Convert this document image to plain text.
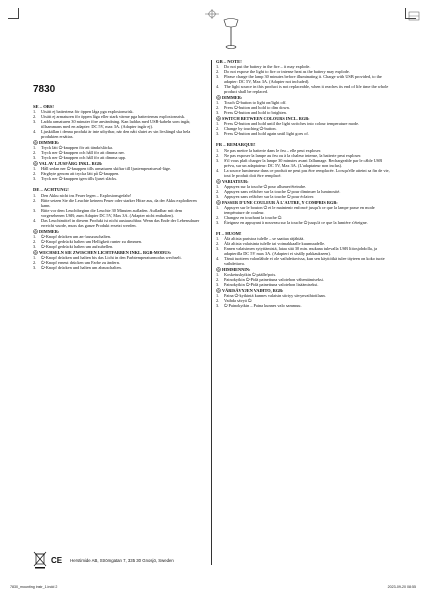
7830
SE – OBS!
1.	Utsätt ej batteriena för öppen låga pga explosionsrisk.
2.	Utsätt ej armaturen för öppen låga eller stark värme pga batteriernas explosionsrisk.
3.	Ladda armaturen 30 minuter före användning. Kan laddas med USB-kabeln som ingår, tillsammans med en adapter: DC 5V, max 3A. (Adapter ingår ej).
4.	Ljuskällan i denna produkt är inte utbytbar, när den nått slutet av sin livslängd ska hela produkten ersättas.
DIMMER:
1.	Tryck lätt ⏻-knappen för att tända/släcka.
2.	Tryck ner ⏻-knappen och håll för att dimma ner.
3.	Tryck ner ⏻-knappen och håll för att dimma upp.
VAL AV LJUSFÄRG INKL. RGB:
1.	Håll sedan ner ⏻-knappen tills armaturen skiftar till ljustemperaturval-läge.
2.	Färgbyte genom att trycka lätt på ⏻-knappen.
3.	Tryck ner ⏻-knappen igen tills ljuset släcks.
DE – ACHTUNG!
1.	Den Akku nicht ins Feuer legen – Explosionsgefahr!
2.	Bitte setzen Sie die Leuchte keinem Feuer oder starker Hitze aus, da der Akku explodieren kann.
3.	Bitte vor dem Leuchtbeginn die Leuchte 30 Minuten aufladen. Aufladbar mit dem vorgesehenen USB; zum Adapter DC 5V, Max 3A. (Adapter nicht enthalten).
4.	Das Leuchtmittel in diesem Produkt ist nicht austauschbar. Wenn das Ende der Lebensdauer erreicht wurde, muss das ganze Produkt ersetzt werden.
DIMMER:
1.	⏻-Knopf drücken um an-/auszuschalten.
2.	⏻-Knopf gedrückt halten um Helligkeit runter zu dimmen.
3.	⏻-Knopf gedrückt halten um aufzuhellen.
WECHSELN SIE ZWISCHEN LICHTFARBEN INKL. RGB-MODUS:
1.	⏻-Knopf drücken und halten bis das Licht in den Farbtemperaturmodus wechselt.
2.	⏻-Knopf erneut drücken um Farbe zu ändern.
3.	⏻-Knopf drücken und halten um abzuschalten.
GB – NOTE!
1.	Do not put the battery in the fire – it may explode.
2.	Do not expose the light to fire or intense heat as the battery may explode.
3.	Please charge the lamp 30 minutes before illuminating it. Charge with USB provided, to the adapter: DC 5V, Max 3A. (Adapter not included).
4.	The light source in this product is not replaceable, when it reaches its end of life time the whole product shall be replaced.
DIMMER:
1.	Touch ⏻-button to light on/light off.
2.	Press ⏻-button and hold to dim down.
3.	Press ⏻-button and hold to brighten.
SWITCH BETWEEN COLOURS INCL. RGB:
1.	Press ⏻-button and hold until the light switches into colour temperature mode.
2.	Change by touching ⏻-button.
3.	Press ⏻-button and hold again until light goes of.
FR – REMARQUE!
1.	Ne pas mettre la batterie dans le feu – elle peut exploser.
2.	Ne pas exposer la lampe au feu ou à la chaleur intense, la batterie peut exploser.
3.	S'il vous plaît charger la lampe 30 minutes avant l'allumage. Rechargeable par le câble USB prévu, sur un adaptateur: DC 5V, Max 3A. (L'adaptateur non inclus).
4.	La source lumineuse dans ce produit ne peut pas être remplacée. Lorsqu'elle atteint sa fin de vie, tout le produit doit être remplacé.
VARIATEUR:
1.	Appuyez sur la touche ⏻ pour allumer/éteindre.
2.	Appuyez sans relâcher sur la touche ⏻ pour diminuer la luminosité.
3.	Appuyez sans relâcher sur la touche ⏻ pour éclairer.
PASSER D'UNE COULEUR À L'AUTRE, Y COMPRIS RGB:
1.	Appuyer sur le bouton ⏻ et le maintenir enfoncé jusqu'à ce que la lampe passe en mode température de couleur.
2.	Changez en touchant la touche ⏻.
3.	Éteignez en appuyant à nouveau sur la touche ⏻ jusqu'à ce que la lumière s'éteigne.
FI – HUOM!
1.	Älä altista paristoa tulelle – se saattaa räjähtää.
2.	Älä altista valaisinta tulelle tai voimakkaalle kuumuudelle.
3.	Ennen valaisimen sytyttämistä, lataa sitä 30 min. mukana tulevalla USB liitosjohdolla, ja adapterilla DC 5V max 3A. (Adapteri ei sisälly pakkaukseen).
4.	Tämä tuotteen valonlähde ei ole vaihdettavissa, kun sen käyttöikä tulee täyteen on koko tuote vaihdettava.
HIMMENNIN:
1.	Kosketuskytkin ⏻ päälle/pois.
2.	Painokytkin ⏻-Pidä painettuna valotehon vähentämiseksi.
3.	Painokytkin ⏻-Pidä painettuna valotehon lisäämiseksi.
VÄRISÄVYJEN VAIHTO, RGB:
1.	Paina ⏻-kytkintä kunnes valaisin siirtyy sävynvaihtotilaan.
2.	Vaihda sävyä ⏻.
3.	⏻ Painokytkin – Paina kunnes valo sammuu.
CE Herstimide AB, Strömgatan 7, 335 30 Gnosjö, Sweden
7830_mounting instr_1.indd 2	2023-09-20 08:55
